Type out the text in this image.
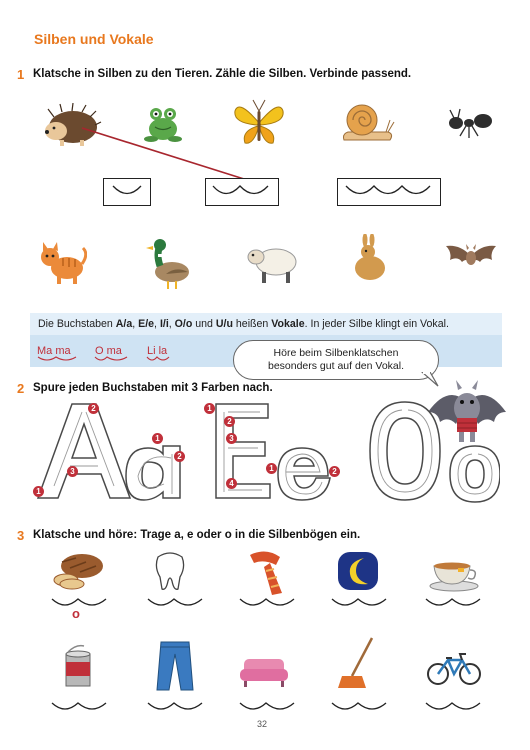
Silben und Vokale
1 Klatsche in Silben zu den Tieren. Zähle die Silben. Verbinde passend.
Die Buchstaben A/a, E/e, I/i, O/o und U/u heißen Vokale. In jeder Silbe klingt ein Vokal.
Ma ma O ma Li la	Höre beim Silbenklatschen
besonders gut auf den Vokal.
2 Spure jeden Buchstaben mit 3 Farben nach.
2
1
2
3
1
1
2
3
4
1	2
3 Klatsche und höre: Trage a, e oder o in die Silbenbögen ein.
o
32
